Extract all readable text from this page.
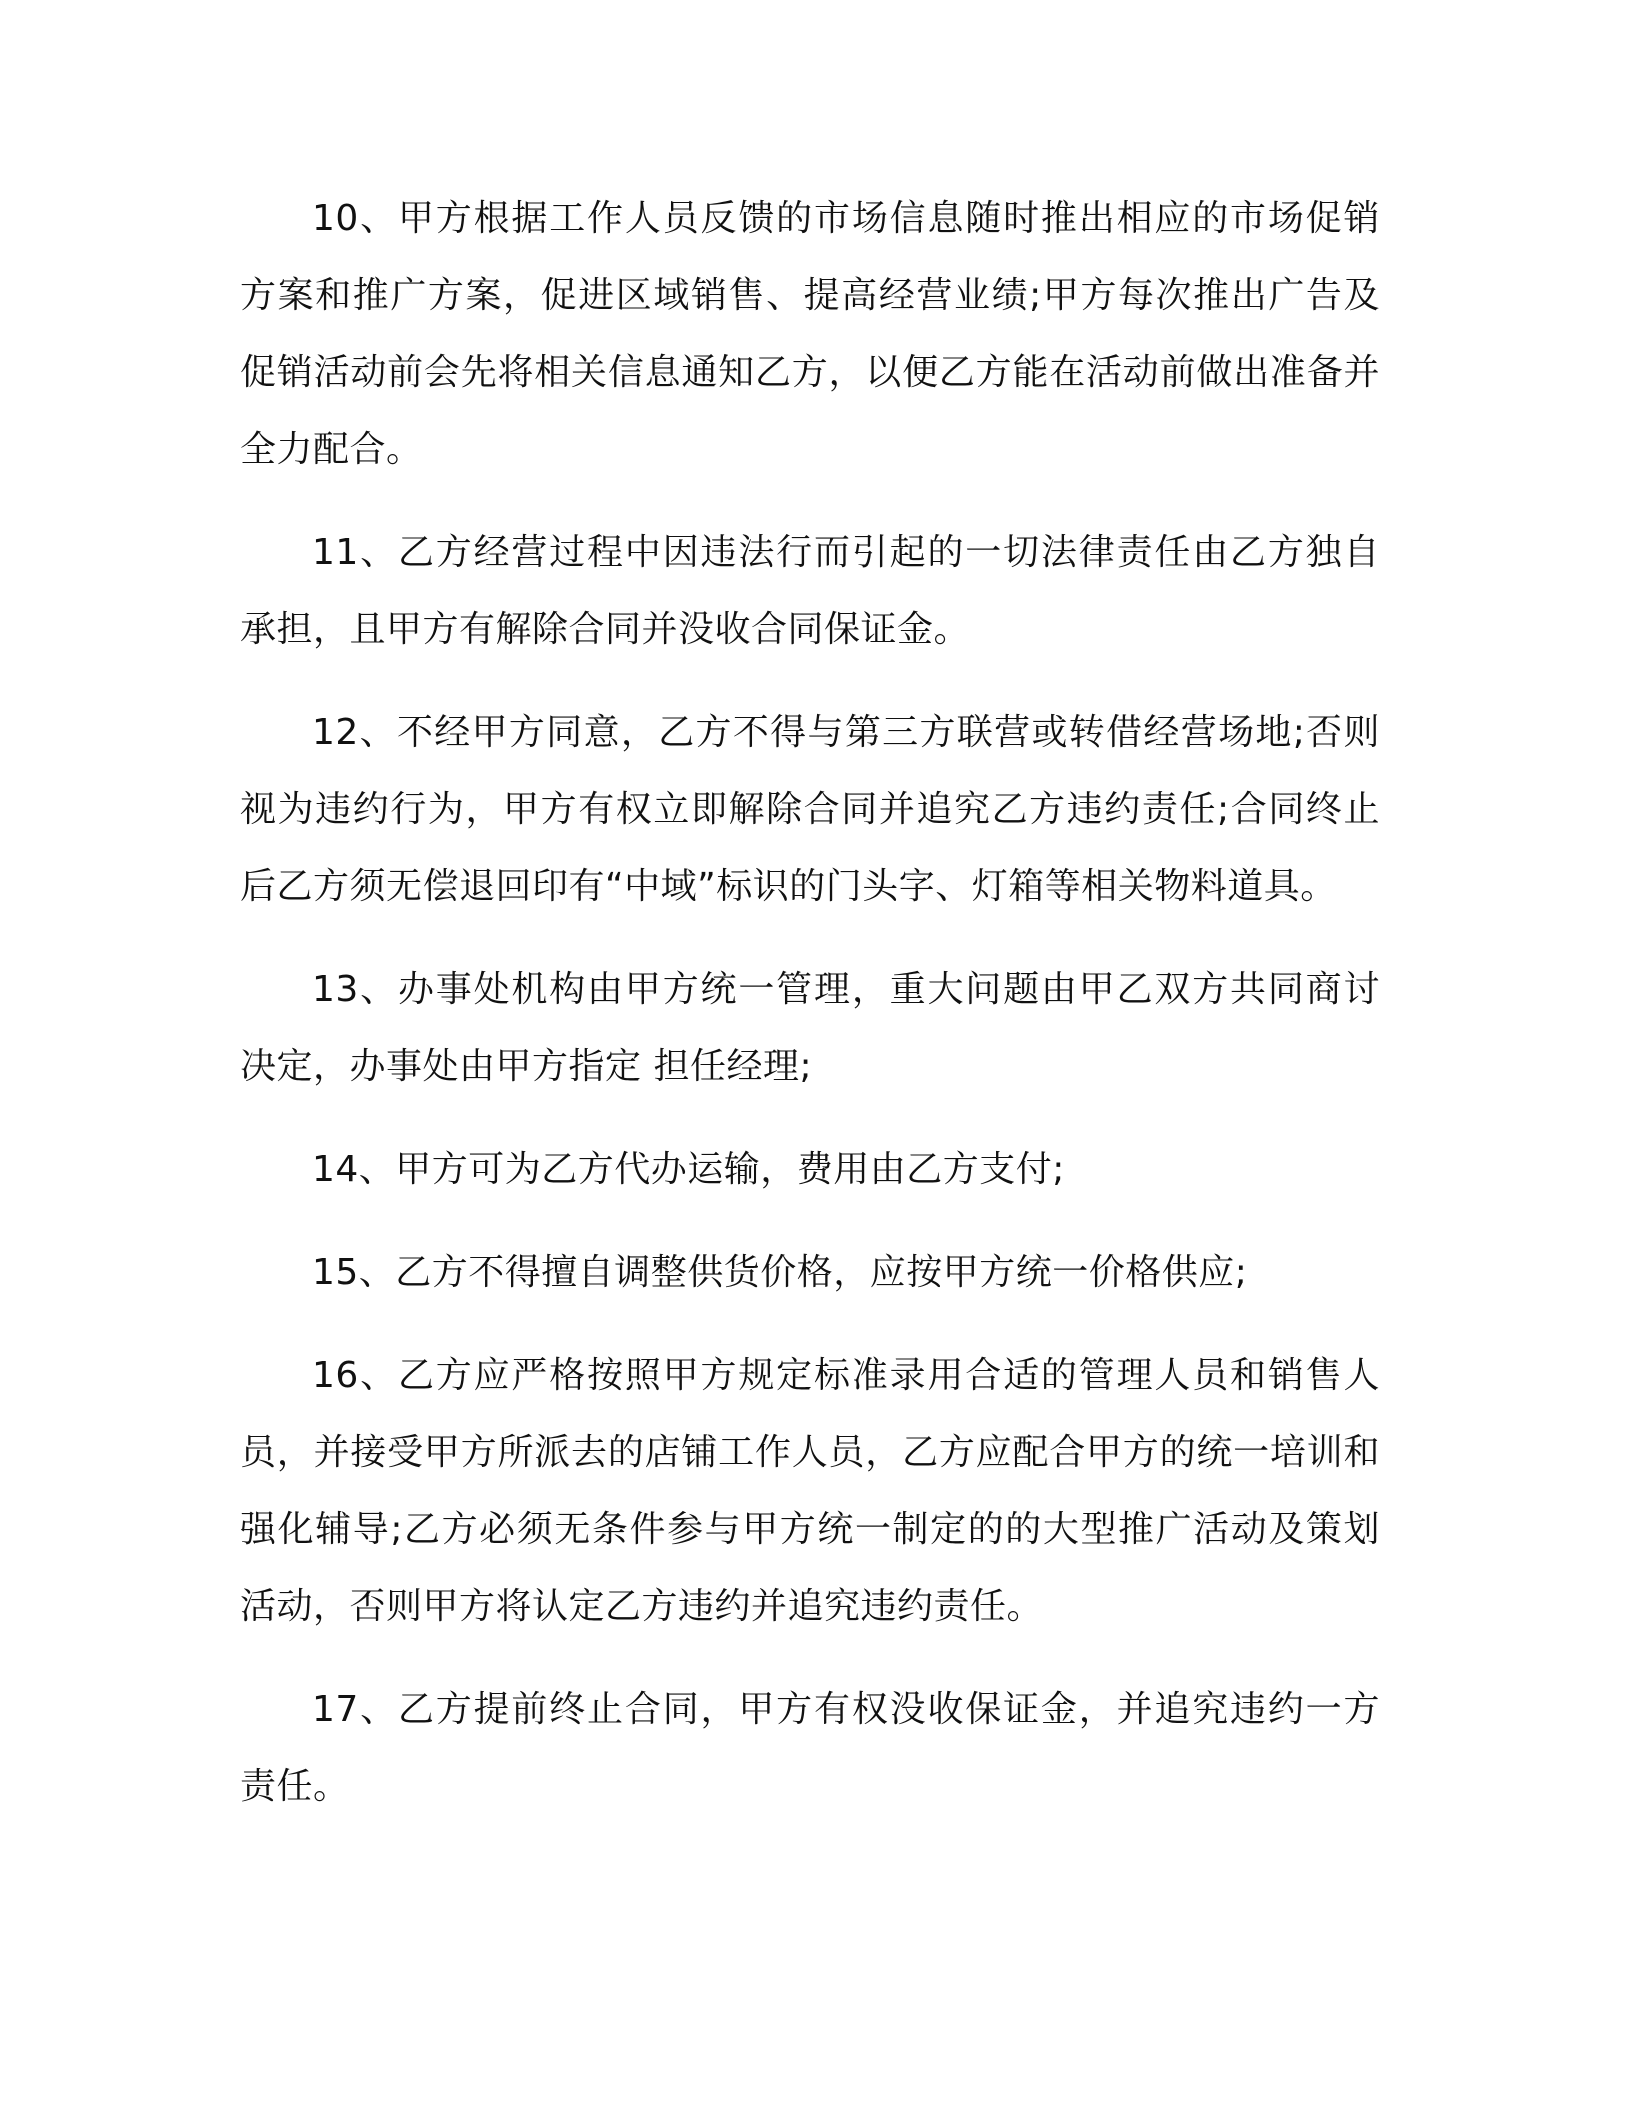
10、甲方根据工作人员反馈的市场信息随时推出相应的市场促销方案和推广方案，促进区域销售、提高经营业绩;甲方每次推出广告及促销活动前会先将相关信息通知乙方，以便乙方能在活动前做出准备并全力配合。

11、乙方经营过程中因违法行而引起的一切法律责任由乙方独自承担，且甲方有解除合同并没收合同保证金。

12、不经甲方同意，乙方不得与第三方联营或转借经营场地;否则视为违约行为，甲方有权立即解除合同并追究乙方违约责任;合同终止后乙方须无偿退回印有“中域”标识的门头字、灯箱等相关物料道具。

13、办事处机构由甲方统一管理，重大问题由甲乙双方共同商讨决定，办事处由甲方指定 担任经理;

14、甲方可为乙方代办运输，费用由乙方支付;

15、乙方不得擅自调整供货价格，应按甲方统一价格供应;

16、乙方应严格按照甲方规定标准录用合适的管理人员和销售人员，并接受甲方所派去的店铺工作人员，乙方应配合甲方的统一培训和强化辅导;乙方必须无条件参与甲方统一制定的的大型推广活动及策划活动，否则甲方将认定乙方违约并追究违约责任。

17、乙方提前终止合同，甲方有权没收保证金，并追究违约一方责任。
